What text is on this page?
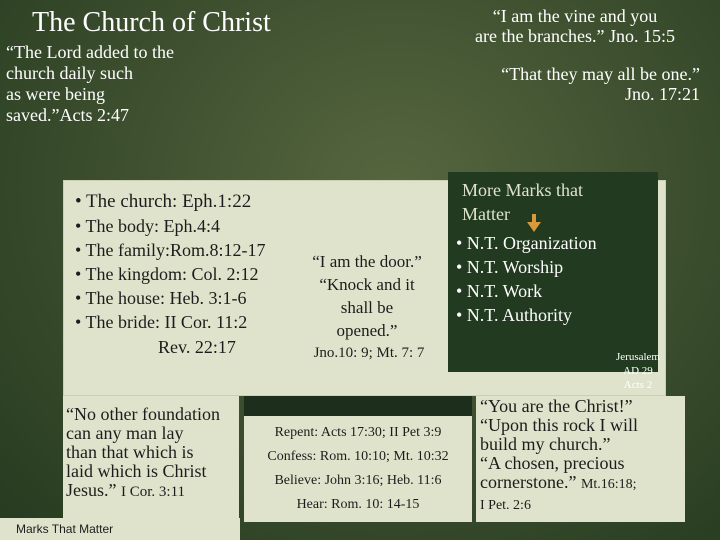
The Church of Christ
“The Lord added to the
church daily such
as were being
saved.”Acts 2:47
“I am the vine and you
are the branches.” Jno. 15:5
“That they may all be one.”
Jno. 17:21
• The church: Eph.1:22
• The body: Eph.4:4
• The family:Rom.8:12-17
• The kingdom: Col. 2:12
• The house: Heb. 3:1-6
• The bride: II Cor. 11:2
Rev. 22:17
“I am the door.”
“Knock and it
shall be
opened.”
Jno.10: 9; Mt. 7: 7
More Marks that
Matter
• N.T. Organization
• N.T. Worship
• N.T. Work
• N.T. Authority
Jerusalem
AD 29
Acts 2
“No other foundation
can any man lay
than that which is
laid which is Christ
Jesus.” I Cor. 3:11
Repent: Acts 17:30; II Pet 3:9
Confess: Rom. 10:10; Mt. 10:32
Believe: John 3:16; Heb. 11:6
Hear: Rom. 10: 14-15
“You are the Christ!”
“Upon this rock I will
build my church.”
“A chosen, precious
cornerstone.” Mt.16:18;
I Pet. 2:6
Marks That Matter
